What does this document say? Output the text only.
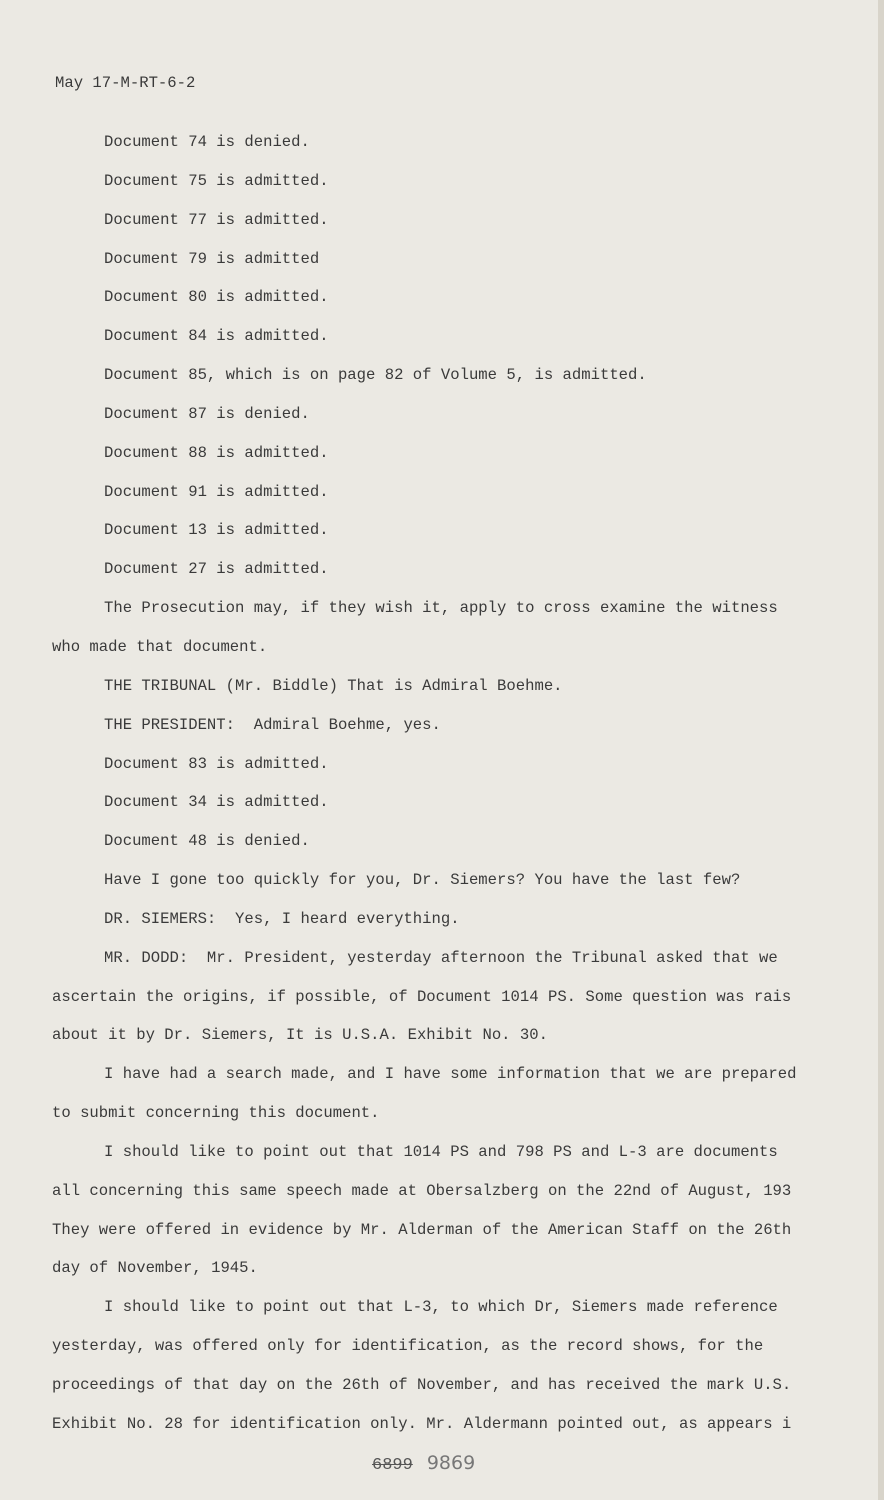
May 17-M-RT-6-2
Document 74 is denied.
Document 75 is admitted.
Document 77 is admitted.
Document 79 is admitted
Document 80 is admitted.
Document 84 is admitted.
Document 85, which is on page 82 of Volume 5, is admitted.
Document 87 is denied.
Document 88 is admitted.
Document 91 is admitted.
Document 13 is admitted.
Document 27 is admitted.
The Prosecution may, if they wish it, apply to cross examine the witness
who made that document.
THE TRIBUNAL (Mr. Biddle) That is Admiral Boehme.
THE PRESIDENT:  Admiral Boehme, yes.
Document 83 is admitted.
Document 34 is admitted.
Document 48 is denied.
Have I gone too quickly for you, Dr. Siemers? You have the last few?
DR. SIEMERS:  Yes, I heard everything.
MR. DODD:  Mr. President, yesterday afternoon the Tribunal asked that we
ascertain the origins, if possible, of Document 1014 PS. Some question was rais
about it by Dr. Siemers, It is U.S.A. Exhibit No. 30.
I have had a search made, and I have some information that we are prepared
to submit concerning this document.
I should like to point out that 1014 PS and 798 PS and L-3 are documents
all concerning this same speech made at Obersalzberg on the 22nd of August, 193
They were offered in evidence by Mr. Alderman of the American Staff on the 26th
day of November, 1945.
I should like to point out that L-3, to which Dr, Siemers made reference
yesterday, was offered only for identification, as the record shows, for the
proceedings of that day on the 26th of November, and has received the mark U.S.
Exhibit No. 28 for identification only. Mr. Aldermann pointed out, as appears i
6899 9869
